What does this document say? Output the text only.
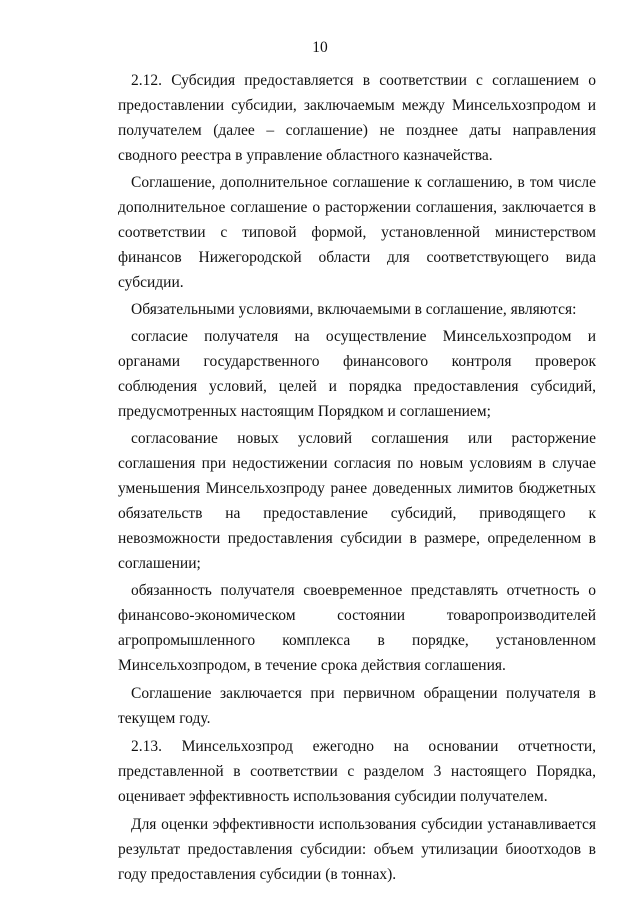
10

2.12. Субсидия предоставляется в соответствии с соглашением о предоставлении субсидии, заключаемым между Минсельхозпродом и получателем (далее – соглашение) не позднее даты направления сводного реестра в управление областного казначейства.

Соглашение, дополнительное соглашение к соглашению, в том числе дополнительное соглашение о расторжении соглашения, заключается в соответствии с типовой формой, установленной министерством финансов Нижегородской области для соответствующего вида субсидии.

Обязательными условиями, включаемыми в соглашение, являются:

согласие получателя на осуществление Минсельхозпродом и органами государственного финансового контроля проверок соблюдения условий, целей и порядка предоставления субсидий, предусмотренных настоящим Порядком и соглашением;

согласование новых условий соглашения или расторжение соглашения при недостижении согласия по новым условиям в случае уменьшения Минсельхозпроду ранее доведенных лимитов бюджетных обязательств на предоставление субсидий, приводящего к невозможности предоставления субсидии в размере, определенном в соглашении;

обязанность получателя своевременное представлять отчетность о финансово-экономическом состоянии товаропроизводителей агропромышленного комплекса в порядке, установленном Минсельхозпродом, в течение срока действия соглашения.

Соглашение заключается при первичном обращении получателя в текущем году.

2.13. Минсельхозпрод ежегодно на основании отчетности, представленной в соответствии с разделом 3 настоящего Порядка, оценивает эффективность использования субсидии получателем.

Для оценки эффективности использования субсидии устанавливается результат предоставления субсидии: объем утилизации биоотходов в году предоставления субсидии (в тоннах).
